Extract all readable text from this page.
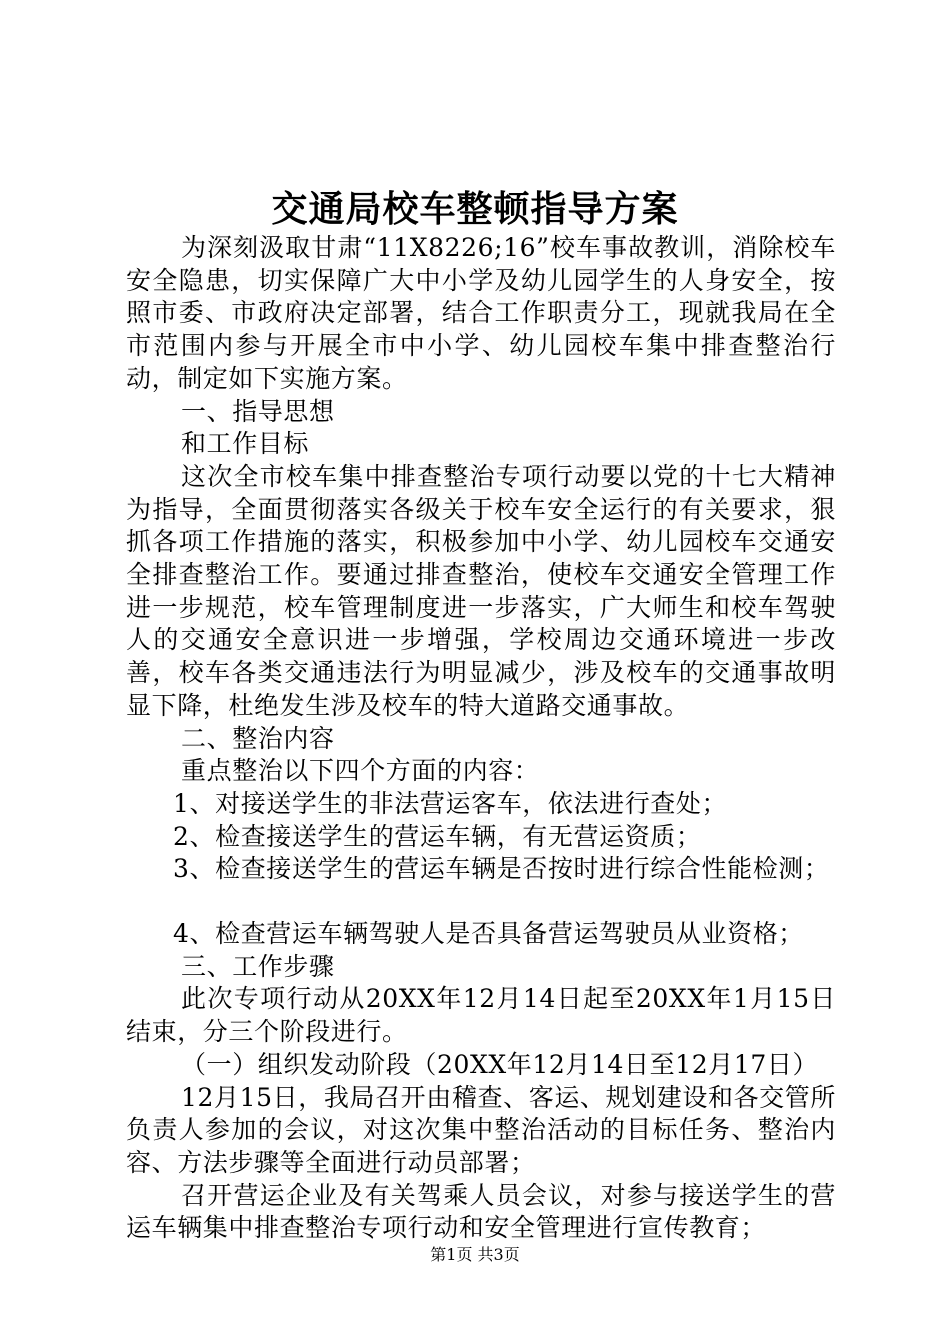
交通局校车整顿指导方案

为深刻汲取甘肃“11X8226;16”校车事故教训，消除校车安全隐患，切实保障广大中小学及幼儿园学生的人身安全，按照市委、市政府决定部署，结合工作职责分工，现就我局在全市范围内参与开展全市中小学、幼儿园校车集中排查整治行动，制定如下实施方案。

一、指导思想

和工作目标

这次全市校车集中排查整治专项行动要以党的十七大精神为指导，全面贯彻落实各级关于校车安全运行的有关要求，狠抓各项工作措施的落实，积极参加中小学、幼儿园校车交通安全排查整治工作。要通过排查整治，使校车交通安全管理工作进一步规范，校车管理制度进一步落实，广大师生和校车驾驶人的交通安全意识进一步增强，学校周边交通环境进一步改善，校车各类交通违法行为明显减少，涉及校车的交通事故明显下降，杜绝发生涉及校车的特大道路交通事故。

二、整治内容

重点整治以下四个方面的内容：

1、对接送学生的非法营运客车，依法进行查处；

2、检查接送学生的营运车辆，有无营运资质；

3、检查接送学生的营运车辆是否按时进行综合性能检测；

4、检查营运车辆驾驶人是否具备营运驾驶员从业资格；

三、工作步骤

此次专项行动从20XX年12月14日起至20XX年1月15日结束，分三个阶段进行。

（一）组织发动阶段（20XX年12月14日至12月17日）

12月15日，我局召开由稽查、客运、规划建设和各交管所负责人参加的会议，对这次集中整治活动的目标任务、整治内容、方法步骤等全面进行动员部署；

召开营运企业及有关驾乘人员会议，对参与接送学生的营运车辆集中排查整治专项行动和安全管理进行宣传教育；

第1页 共3页
